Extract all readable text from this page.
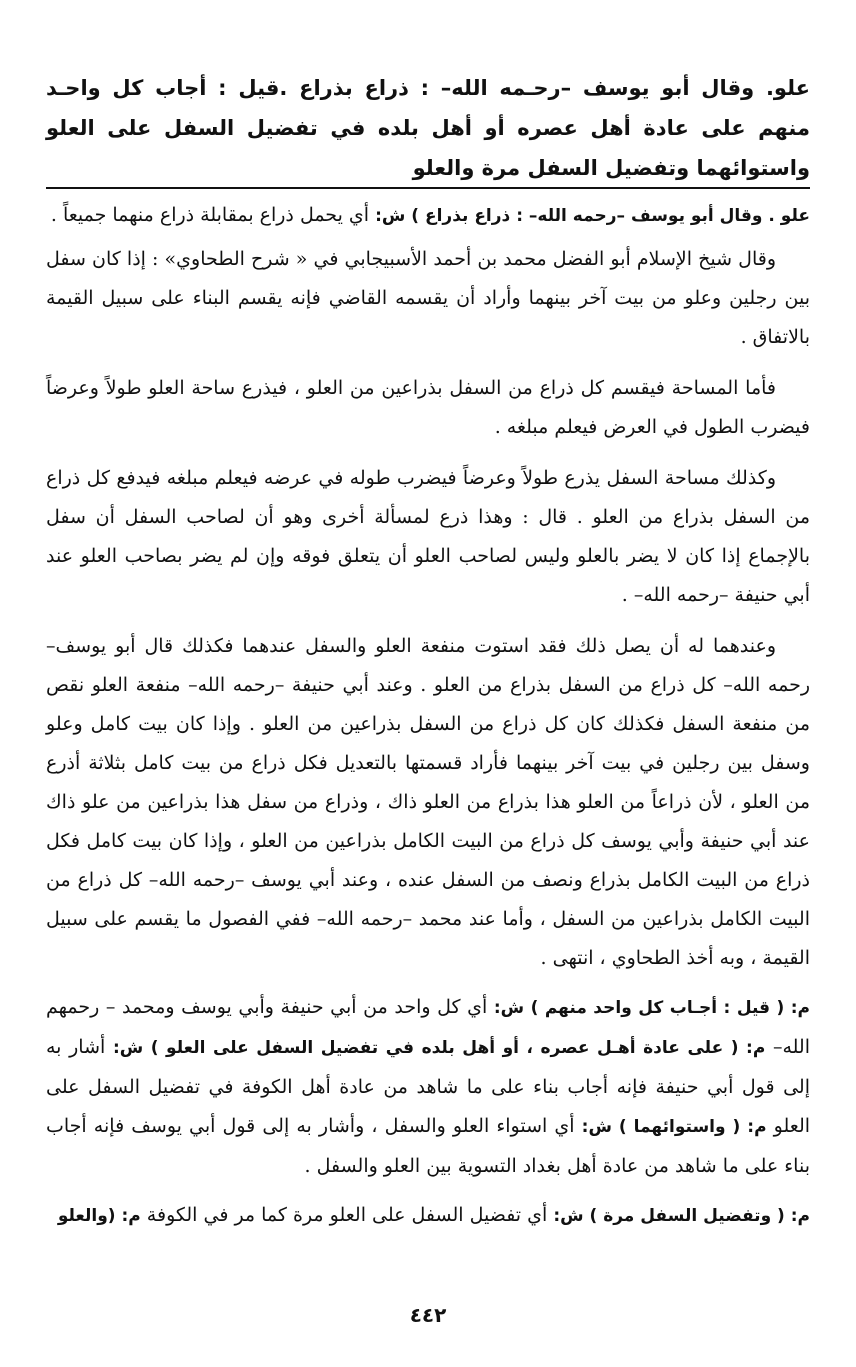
علو. وقال أبو يوسف –رحـمه الله– : ذراع بذراع .قيل : أجاب كل واحـد منهم على عادة أهل عصره أو أهل بلده في تفضيل السفل على العلو واستوائهما وتفضيل السفل مرة والعلو

علو . وقال أبو يوسف –رحمه الله– : ذراع بذراع ) ش: أي يحمل ذراع بمقابلة ذراع منهما جميعاً .

وقال شيخ الإسلام أبو الفضل محمد بن أحمد الأسبيجابي في « شرح الطحاوي» : إذا كان سفل بين رجلين وعلو من بيت آخر بينهما وأراد أن يقسمه القاضي فإنه يقسم البناء على سبيل القيمة بالاتفاق .

فأما المساحة فيقسم كل ذراع من السفل بذراعين من العلو ، فيذرع ساحة العلو طولاً وعرضاً فيضرب الطول في العرض فيعلم مبلغه .

وكذلك مساحة السفل يذرع طولاً وعرضاً فيضرب طوله في عرضه فيعلم مبلغه فيدفع كل ذراع من السفل بذراع من العلو . قال : وهذا ذرع لمسألة أخرى وهو أن لصاحب السفل أن سفل بالإجماع إذا كان لا يضر بالعلو وليس لصاحب العلو أن يتعلق فوقه وإن لم يضر بصاحب العلو عند أبي حنيفة –رحمه الله– .

وعندهما له أن يصل ذلك فقد استوت منفعة العلو والسفل عندهما فكذلك قال أبو يوسف–رحمه الله– كل ذراع من السفل بذراع من العلو . وعند أبي حنيفة –رحمه الله– منفعة العلو نقص من منفعة السفل فكذلك كان كل ذراع من السفل بذراعين من العلو . وإذا كان بيت كامل وعلو وسفل بين رجلين في بيت آخر بينهما فأراد قسمتها بالتعديل فكل ذراع من بيت كامل بثلاثة أذرع من العلو ، لأن ذراعاً من العلو هذا بذراع من العلو ذاك ، وذراع من سفل هذا بذراعين من علو ذاك عند أبي حنيفة وأبي يوسف كل ذراع من البيت الكامل بذراعين من العلو ، وإذا كان بيت كامل فكل ذراع من البيت الكامل بذراع ونصف من السفل عنده ، وعند أبي يوسف –رحمه الله– كل ذراع من البيت الكامل بذراعين من السفل ، وأما عند محمد –رحمه الله– ففي الفصول ما يقسم على سبيل القيمة ، وبه أخذ الطحاوي ، انتهى .

م: ( قيل : أجـاب كل واحد منهم ) ش: أي كل واحد من أبي حنيفة وأبي يوسف ومحمد – رحمهم الله– م: ( على عادة أهـل عصره ، أو أهل بلده في تفضيل السفل على العلو ) ش: أشار به إلى قول أبي حنيفة فإنه أجاب بناء على ما شاهد من عادة أهل الكوفة في تفضيل السفل على العلو م: ( واستوائهما ) ش: أي استواء العلو والسفل ، وأشار به إلى قول أبي يوسف فإنه أجاب بناء على ما شاهد من عادة أهل بغداد التسوية بين العلو والسفل .

م: ( وتفضيل السفل مرة ) ش: أي تفضيل السفل على العلو مرة كما مر في الكوفة م: (والعلو

٤٤٢
